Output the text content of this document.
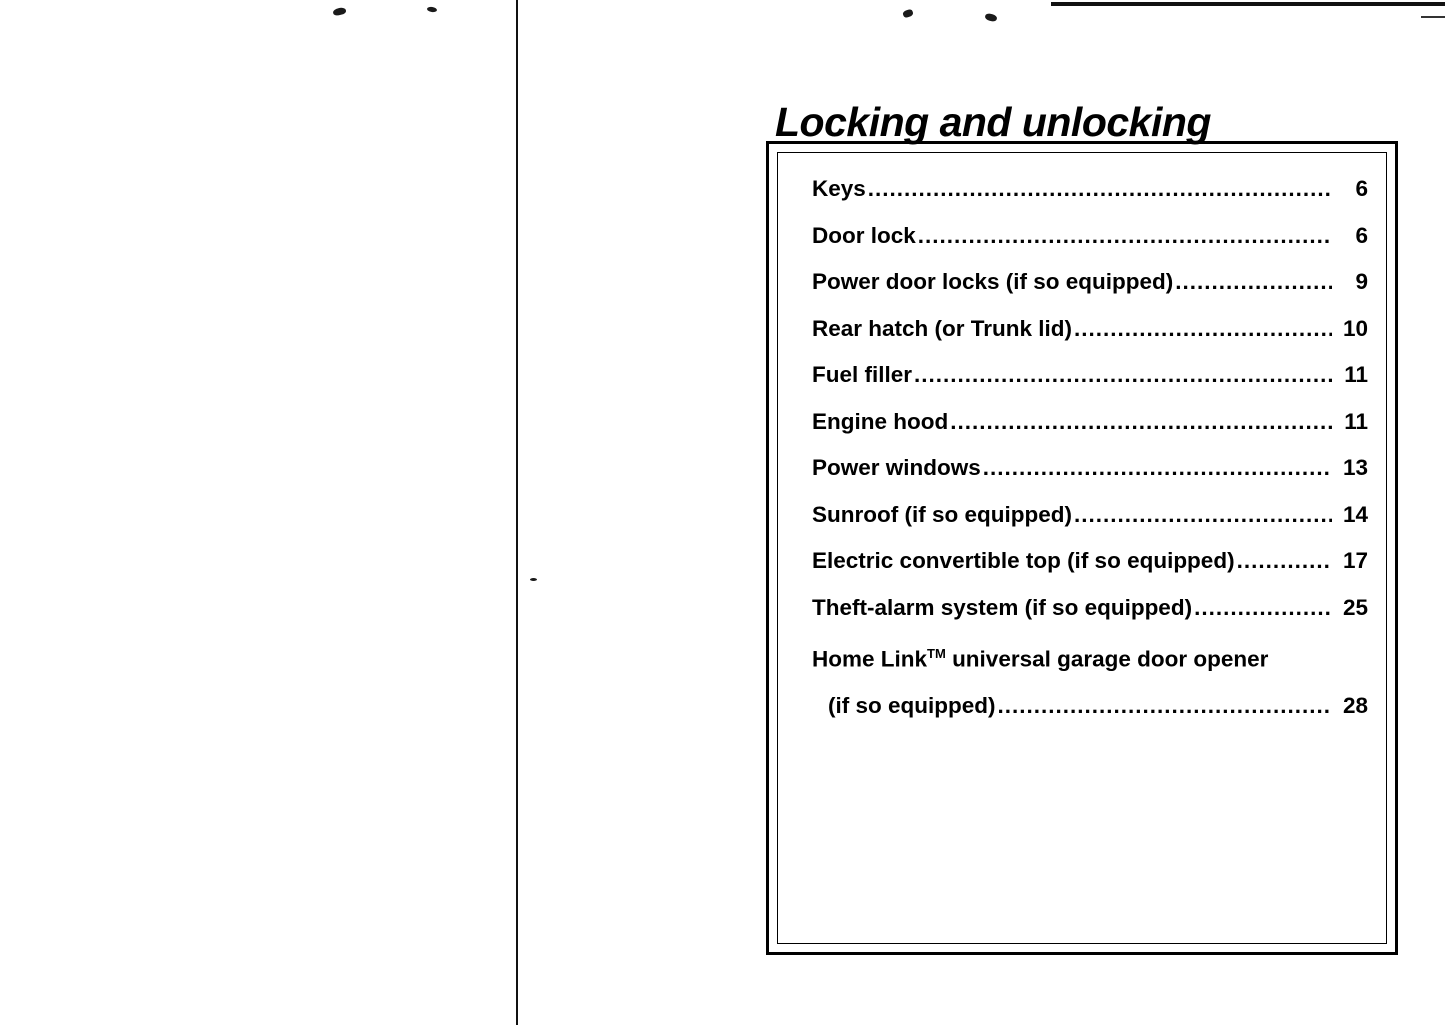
Locking and unlocking
Keys .....	6
Door lock .....	6
Power door locks (if so equipped) .....	9
Rear hatch (or Trunk lid) .....	10
Fuel filler .....	11
Engine hood .....	11
Power windows .....	13
Sunroof (if so equipped) .....	14
Electric convertible top (if so equipped) .....	17
Theft-alarm system (if so equipped) .....	25
Home Link™ universal garage door opener
(if so equipped) .....	28
